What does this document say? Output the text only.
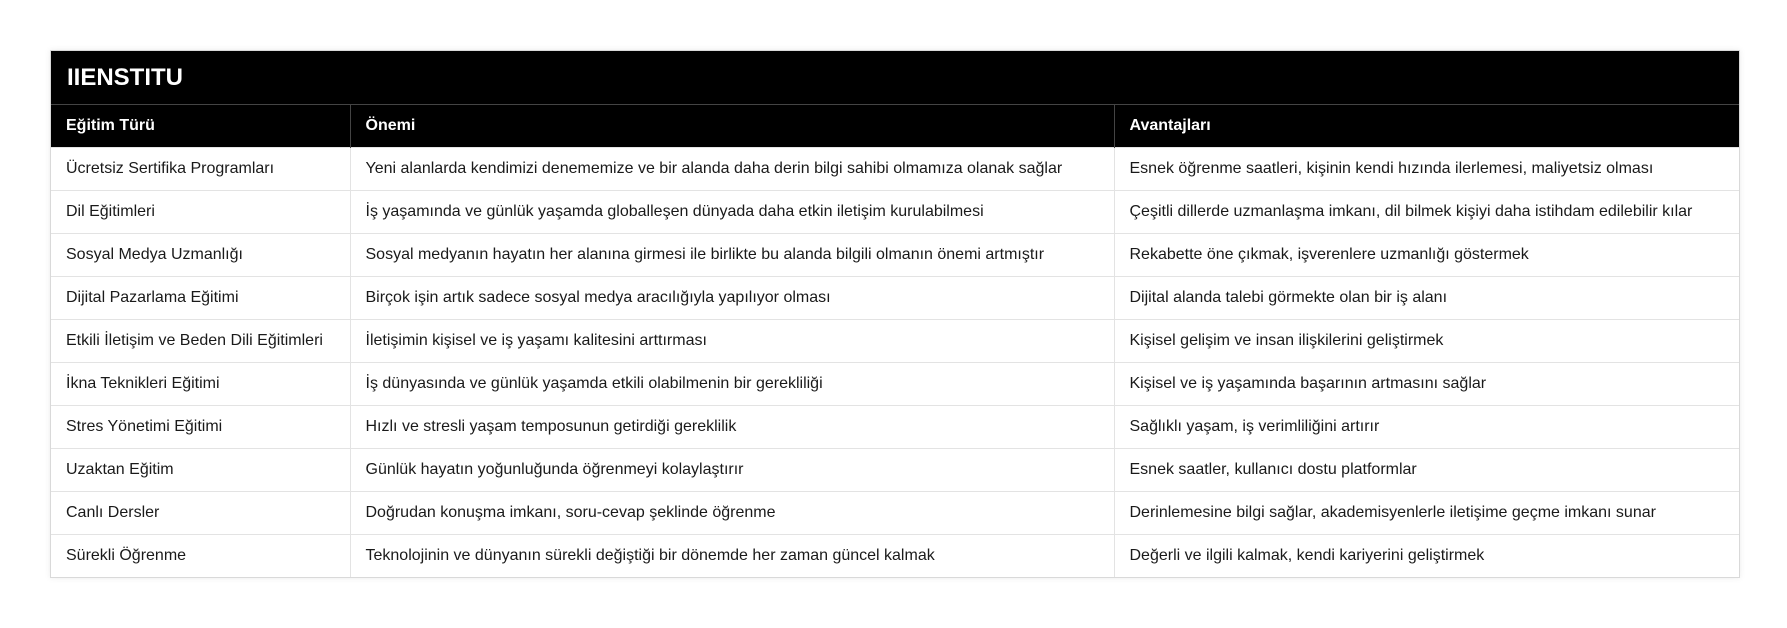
IIENSTITU
Eğitim Türü	Önemi	Avantajları
Ücretsiz Sertifika Programları	Yeni alanlarda kendimizi denememize ve bir alanda daha derin bilgi sahibi olmamıza olanak sağlar	Esnek öğrenme saatleri, kişinin kendi hızında ilerlemesi, maliyetsiz olması
Dil Eğitimleri	İş yaşamında ve günlük yaşamda globalleşen dünyada daha etkin iletişim kurulabilmesi	Çeşitli dillerde uzmanlaşma imkanı, dil bilmek kişiyi daha istihdam edilebilir kılar
Sosyal Medya Uzmanlığı	Sosyal medyanın hayatın her alanına girmesi ile birlikte bu alanda bilgili olmanın önemi artmıştır	Rekabette öne çıkmak, işverenlere uzmanlığı göstermek
Dijital Pazarlama Eğitimi	Birçok işin artık sadece sosyal medya aracılığıyla yapılıyor olması	Dijital alanda talebi görmekte olan bir iş alanı
Etkili İletişim ve Beden Dili Eğitimleri	İletişimin kişisel ve iş yaşamı kalitesini arttırması	Kişisel gelişim ve insan ilişkilerini geliştirmek
İkna Teknikleri Eğitimi	İş dünyasında ve günlük yaşamda etkili olabilmenin bir gerekliliği	Kişisel ve iş yaşamında başarının artmasını sağlar
Stres Yönetimi Eğitimi	Hızlı ve stresli yaşam temposunun getirdiği gereklilik	Sağlıklı yaşam, iş verimliliğini artırır
Uzaktan Eğitim	Günlük hayatın yoğunluğunda öğrenmeyi kolaylaştırır	Esnek saatler, kullanıcı dostu platformlar
Canlı Dersler	Doğrudan konuşma imkanı, soru-cevap şeklinde öğrenme	Derinlemesine bilgi sağlar, akademisyenlerle iletişime geçme imkanı sunar
Sürekli Öğrenme	Teknolojinin ve dünyanın sürekli değiştiği bir dönemde her zaman güncel kalmak	Değerli ve ilgili kalmak, kendi kariyerini geliştirmek
